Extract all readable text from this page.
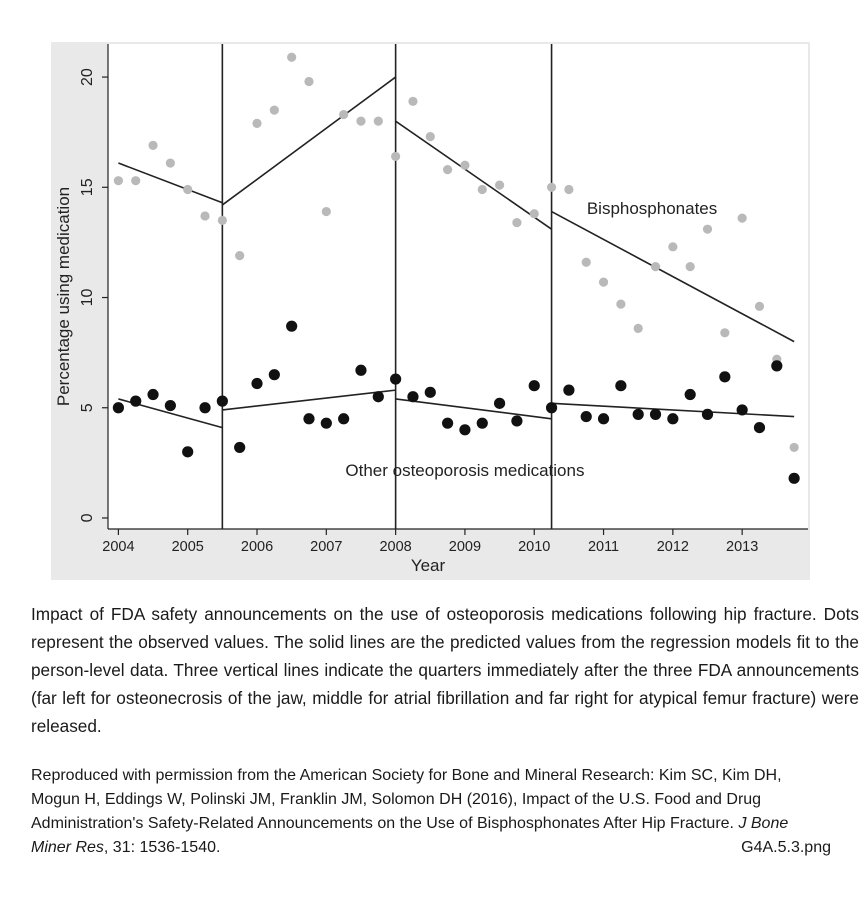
2004	2005	2006	2007	2008	2009	2010	2011	2012	2013
0
5
10
15
20
Year
Percentage using medication	Bisphosphonates
Other osteoporosis medications

Impact of FDA safety announcements on the use of osteoporosis medications following hip fracture. Dots represent the observed values. The solid lines are the predicted values from the regression models fit to the person-level data. Three vertical lines indicate the quarters immediately after the three FDA announcements (far left for osteonecrosis of the jaw, middle for atrial fibrillation and far right for atypical femur fracture) were released.

Reproduced with permission from the American Society for Bone and Mineral Research: Kim SC, Kim DH, Mogun H, Eddings W, Polinski JM, Franklin JM, Solomon DH (2016), Impact of the U.S. Food and Drug Administration's Safety-Related Announcements on the Use of Bisphosphonates After Hip Fracture. J Bone Miner Res, 31: 1536-1540.	G4A.5.3.png
